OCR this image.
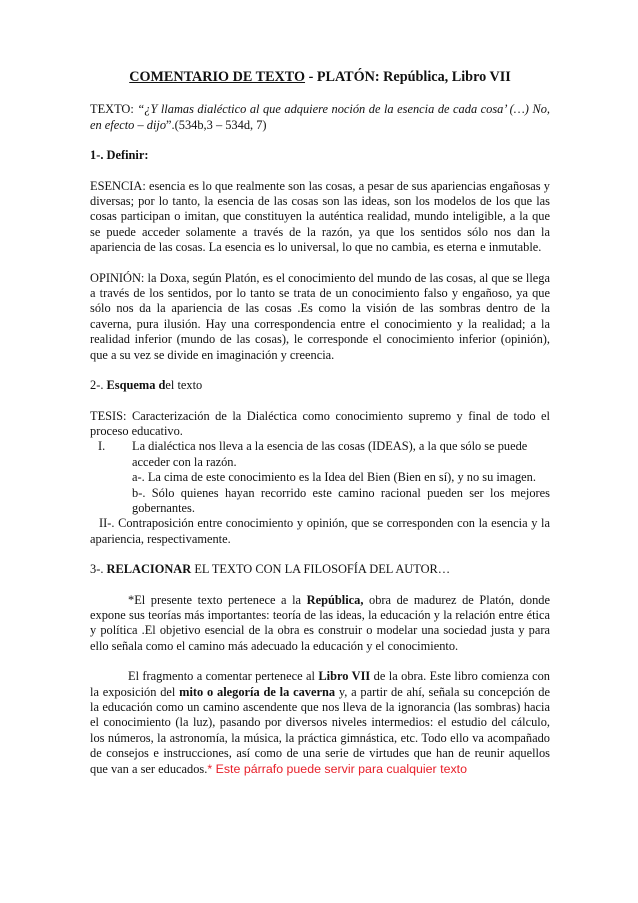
COMENTARIO DE TEXTO - PLATÓN: República, Libro VII

TEXTO: “¿Y llamas dialéctico al que adquiere noción de la esencia de cada cosa’ (…) No, en efecto – dijo”.(534b,3 – 534d, 7)

1-. Definir:

ESENCIA: esencia es lo que realmente son las cosas, a pesar de sus apariencias engañosas y diversas; por lo tanto, la esencia de las cosas son las ideas, son los modelos de los que las cosas participan o imitan, que constituyen la auténtica realidad, mundo inteligible, a la que se puede acceder solamente a través de la razón, ya que los sentidos sólo nos dan la apariencia de las cosas. La esencia es lo universal, lo que no cambia, es eterna e inmutable.

OPINIÓN: la Doxa, según Platón, es el conocimiento del mundo de las cosas, al que se llega a través de los sentidos, por lo tanto se trata de un conocimiento falso y engañoso, ya que sólo nos da la apariencia de las cosas .Es como la visión de las sombras dentro de la caverna, pura ilusión. Hay una correspondencia entre el conocimiento y la realidad; a la realidad inferior (mundo de las cosas), le corresponde el conocimiento inferior (opinión), que a su vez se divide en imaginación y creencia.

2-. Esquema del texto

TESIS: Caracterización de la Dialéctica como conocimiento supremo y final de todo el proceso educativo.

I. La dialéctica nos lleva a la esencia de las cosas (IDEAS), a la que sólo se puede acceder con la razón.
a-. La cima de este conocimiento es la Idea del Bien (Bien en sí), y no su imagen.
b-. Sólo quienes hayan recorrido este camino racional pueden ser los mejores gobernantes.

II-. Contraposición entre conocimiento y opinión, que se corresponden con la esencia y la apariencia, respectivamente.

3-. RELACIONAR EL TEXTO CON LA FILOSOFÍA DEL AUTOR…

*El presente texto pertenece a la República, obra de madurez de Platón, donde expone sus teorías más importantes: teoría de las ideas, la educación y la relación entre ética y política .El objetivo esencial de la obra es construir o modelar una sociedad justa y para ello señala como el camino más adecuado la educación y el conocimiento.

El fragmento a comentar pertenece al Libro VII de la obra. Este libro comienza con la exposición del mito o alegoría de la caverna y, a partir de ahí, señala su concepción de la educación como un camino ascendente que nos lleva de la ignorancia (las sombras) hacia el conocimiento (la luz), pasando por diversos niveles intermedios: el estudio del cálculo, los números, la astronomía, la música, la práctica gimnástica, etc. Todo ello va acompañado de consejos e instrucciones, así como de una serie de virtudes que han de reunir aquellos que van a ser educados.* Este párrafo puede servir para cualquier texto
